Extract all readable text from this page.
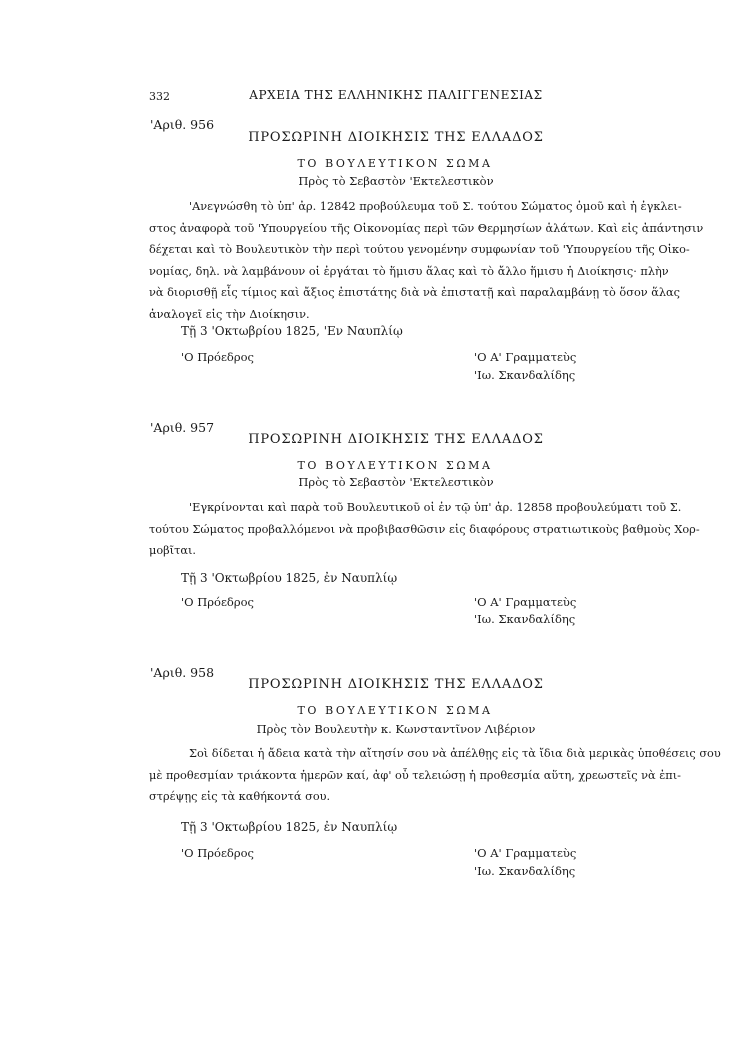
332	ΑΡΧΕΙΑ ΤΗΣ ΕΛΛΗΝΙΚΗΣ ΠΑΛΙΓΓΕΝΕΣΙΑΣ
'Αριθ. 956
ΠΡΟΣΩΡΙΝΗ ΔΙΟΙΚΗΣΙΣ ΤΗΣ ΕΛΛΑΔΟΣ
ΤΟ ΒΟΥΛΕΥΤΙΚΟΝ ΣΩΜΑ
Πρὸς τὸ Σεβαστὸν 'Εκτελεστικὸν
'Ανεγνώσθη τὸ ὑπ' ἀρ. 12842 προβούλευμα τοῦ Σ. τούτου Σώματος ὁμοῦ καὶ ἡ ἐγκλει-
στος ἀναφορὰ τοῦ 'Υπουργείου τῆς Οἰκονομίας περὶ τῶν Θερμησίων ἁλάτων. Καὶ εἰς ἀπάντησιν
δέχεται καὶ τὸ Βουλευτικὸν τὴν περὶ τούτου γενομένην συμφωνίαν τοῦ 'Υπουργείου τῆς Οἰκο-
νομίας, δηλ. νὰ λαμβάνουν οἱ ἐργάται τὸ ἥμισυ ἅλας καὶ τὸ ἄλλο ἥμισυ ἡ Διοίκησις· πλὴν
νὰ διορισθῇ εἷς τίμιος καὶ ἄξιος ἐπιστάτης διὰ νὰ ἐπιστατῇ καὶ παραλαμβάνῃ τὸ ὅσον ἅλας
ἀναλογεῖ εἰς τὴν Διοίκησιν.
Τῇ 3 'Οκτωβρίου 1825, 'Εν Ναυπλίῳ
'Ο Πρόεδρος	'Ο Α' Γραμματεὺς
'Ιω. Σκανδαλίδης
'Αριθ. 957
ΠΡΟΣΩΡΙΝΗ ΔΙΟΙΚΗΣΙΣ ΤΗΣ ΕΛΛΑΔΟΣ
ΤΟ ΒΟΥΛΕΥΤΙΚΟΝ ΣΩΜΑ
Πρὸς τὸ Σεβαστὸν 'Εκτελεστικὸν
'Εγκρίνονται καὶ παρὰ τοῦ Βουλευτικοῦ οἱ ἐν τῷ ὑπ' ἀρ. 12858 προβουλεύματι τοῦ Σ.
τούτου Σώματος προβαλλόμενοι νὰ προβιβασθῶσιν εἰς διαφόρους στρατιωτικοὺς βαθμοὺς Χορ-
μοβῖται.
Τῇ 3 'Οκτωβρίου 1825, ἐν Ναυπλίῳ
'Ο Πρόεδρος	'Ο Α' Γραμματεὺς
'Ιω. Σκανδαλίδης
'Αριθ. 958
ΠΡΟΣΩΡΙΝΗ ΔΙΟΙΚΗΣΙΣ ΤΗΣ ΕΛΛΑΔΟΣ
ΤΟ ΒΟΥΛΕΥΤΙΚΟΝ ΣΩΜΑ
Πρὸς τὸν Βουλευτὴν κ. Κωνσταντῖνον Λιβέριον
Σοὶ δίδεται ἡ ἄδεια κατὰ τὴν αἴτησίν σου νὰ ἀπέλθῃς εἰς τὰ ἴδια διὰ μερικὰς ὑποθέσεις σου
μὲ προθεσμίαν τριάκοντα ἡμερῶν καί, ἀφ' οὗ τελειώσῃ ἡ προθεσμία αὕτη, χρεωστεῖς νὰ ἐπι-
στρέψῃς εἰς τὰ καθήκοντά σου.
Τῇ 3 'Οκτωβρίου 1825, ἐν Ναυπλίῳ
'Ο Πρόεδρος	'Ο Α' Γραμματεὺς
'Ιω. Σκανδαλίδης
